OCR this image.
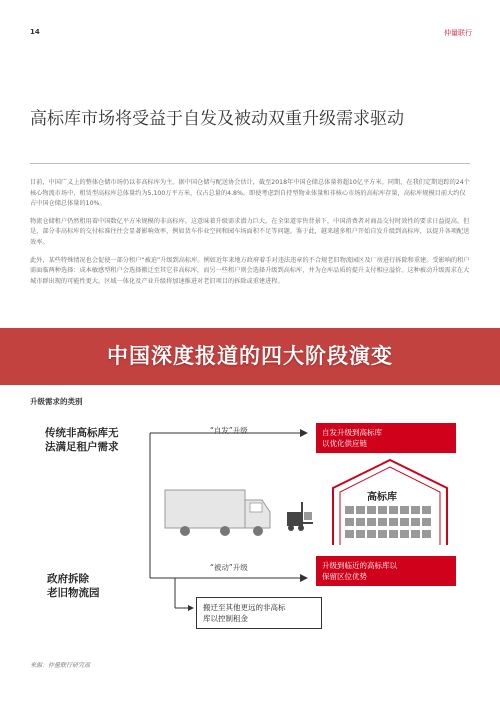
14	仲量联行
高标库市场将受益于自发及被动双重升级需求驱动

目前，中国广义上的整体仓储市场仍以非高标库为主。据中国仓储与配送协会估计，截至2018年中国仓储总体量将超10亿平方米。同期，在我们定期追踪的24个核心物流市场中，租赁型高标库总体量约为5,100万平方米，仅占总量的4.8%。即使考虑到自持型物业体量和非核心市场的高标库存量，高标库规模目前大约仅占中国仓储总体量的10%。

物流仓储租户仍然租用着中国数亿平方米规模的非高标库。这意味着升级需求潜力巨大。在全渠道零售背景下，中国消费者对商品交付时效性的要求日益提高。但是，部分非高标库的交付标准往往会显著影响效率，例如货车作业空间和园车场面积不足等问题。鉴于此，越来越多租户开始自发升级到高标库，以提升各项配送效率。

此外，某些特殊情况也会促使一部分租户“被迫”升级到高标库。例如近年来地方政府着手对违法违章的不合规老旧物流园区及厂房进行拆除和重建。受影响的租户需面临两种选择：成本敏感型租户会选择搬迁至其它非高标库，而另一些租户则会选择升级到高标库，并为仓库品质的提升支付相应溢价。这种被动升级需求在大城市群出现的可能性更大。区域一体化及产业升级将加速推进对老旧项目的拆除或重建进程。

中国深度报道的四大阶段演变
升级需求的类别
传统非高标库无
法满足租户需求
政府拆除
老旧物流园
“自发”升级
“被动”升级
自发升级到高标库
以优化供应链
升级到临近的高标库以
保留区位优势
高标库
搬迁至其他更远的非高标
库以控制租金
来源：仲量联行研究部
